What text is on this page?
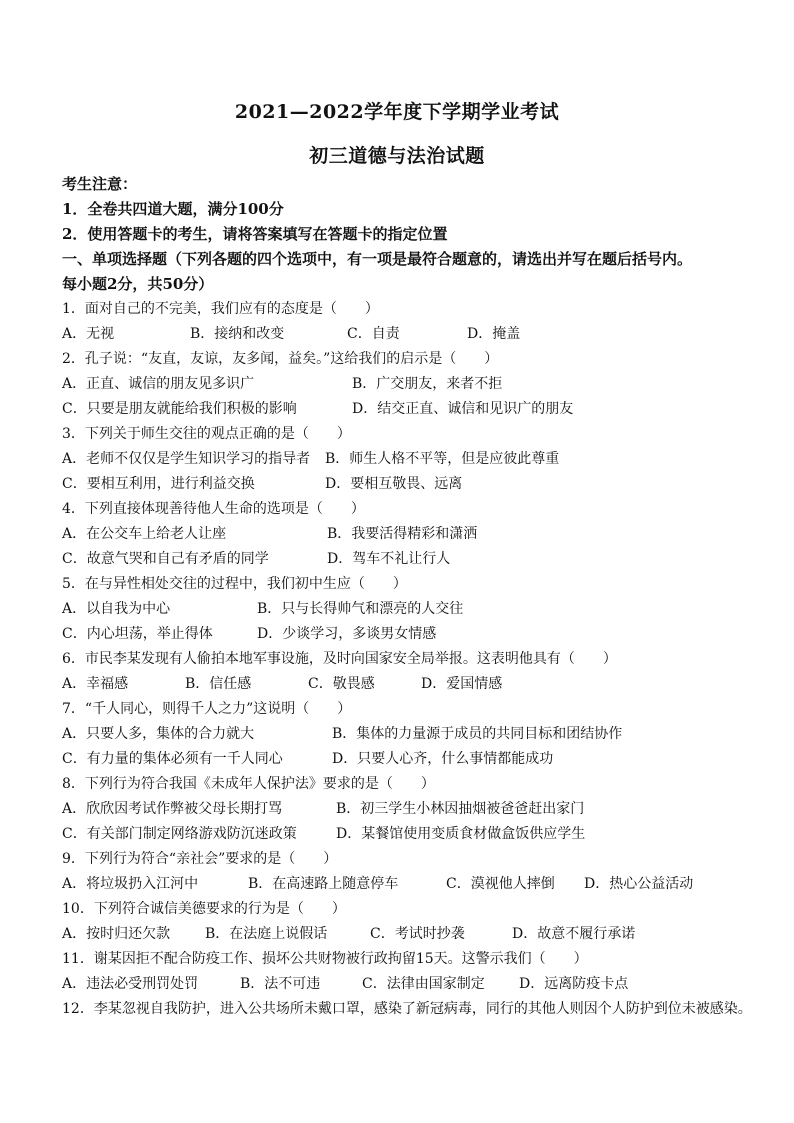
2021—2022学年度下学期学业考试
初三道德与法治试题
考生注意：
1．全卷共四道大题，满分100分
2．使用答题卡的考生，请将答案填写在答题卡的指定位置
一、单项选择题（下列各题的四个选项中，有一项是最符合题意的，请选出并写在题后括号内。
每小题2分，共50分）
1．面对自己的不完美，我们应有的态度是（　　）
A．无视	B．接纳和改变	C．自责	D．掩盖
2．孔子说：“友直，友谅，友多闻，益矣。”这给我们的启示是（　　）
A．正直、诚信的朋友见多识广	B．广交朋友，来者不拒
C．只要是朋友就能给我们积极的影响	D．结交正直、诚信和见识广的朋友
3．下列关于师生交往的观点正确的是（　　）
A．老师不仅仅是学生知识学习的指导者	B．师生人格不平等，但是应彼此尊重
C．要相互利用，进行利益交换	D．要相互敬畏、远离
4．下列直接体现善待他人生命的选项是（　　）
A．在公交车上给老人让座	B．我要活得精彩和潇洒
C．故意气哭和自己有矛盾的同学	D．驾车不礼让行人
5．在与异性相处交往的过程中，我们初中生应（　　）
A．以自我为中心	B．只与长得帅气和漂亮的人交往
C．内心坦荡，举止得体	D．少谈学习，多谈男女情感
6．市民李某发现有人偷拍本地军事设施，及时向国家安全局举报。这表明他具有（　　）
A．幸福感	B．信任感	C．敬畏感	D．爱国情感
7．“千人同心，则得千人之力”这说明（　　）
A．只要人多，集体的合力就大	B．集体的力量源于成员的共同目标和团结协作
C．有力量的集体必须有一千人同心	D．只要人心齐，什么事情都能成功
8．下列行为符合我国《未成年人保护法》要求的是（　　）
A．欣欣因考试作弊被父母长期打骂	B．初三学生小林因抽烟被爸爸赶出家门
C．有关部门制定网络游戏防沉迷政策	D．某餐馆使用变质食材做盒饭供应学生
9．下列行为符合“亲社会”要求的是（　　）
A．将垃圾扔入江河中	B．在高速路上随意停车	C．漠视他人摔倒	D．热心公益活动
10．下列符合诚信美德要求的行为是（　　）
A．按时归还欠款	B．在法庭上说假话	C．考试时抄袭	D．故意不履行承诺
11．谢某因拒不配合防疫工作、损坏公共财物被行政拘留15天。这警示我们（　　）
A．违法必受刑罚处罚	B．法不可违	C．法律由国家制定	D．远离防疫卡点
12．李某忽视自我防护，进入公共场所未戴口罩，感染了新冠病毒，同行的其他人则因个人防护到位未被感染。
